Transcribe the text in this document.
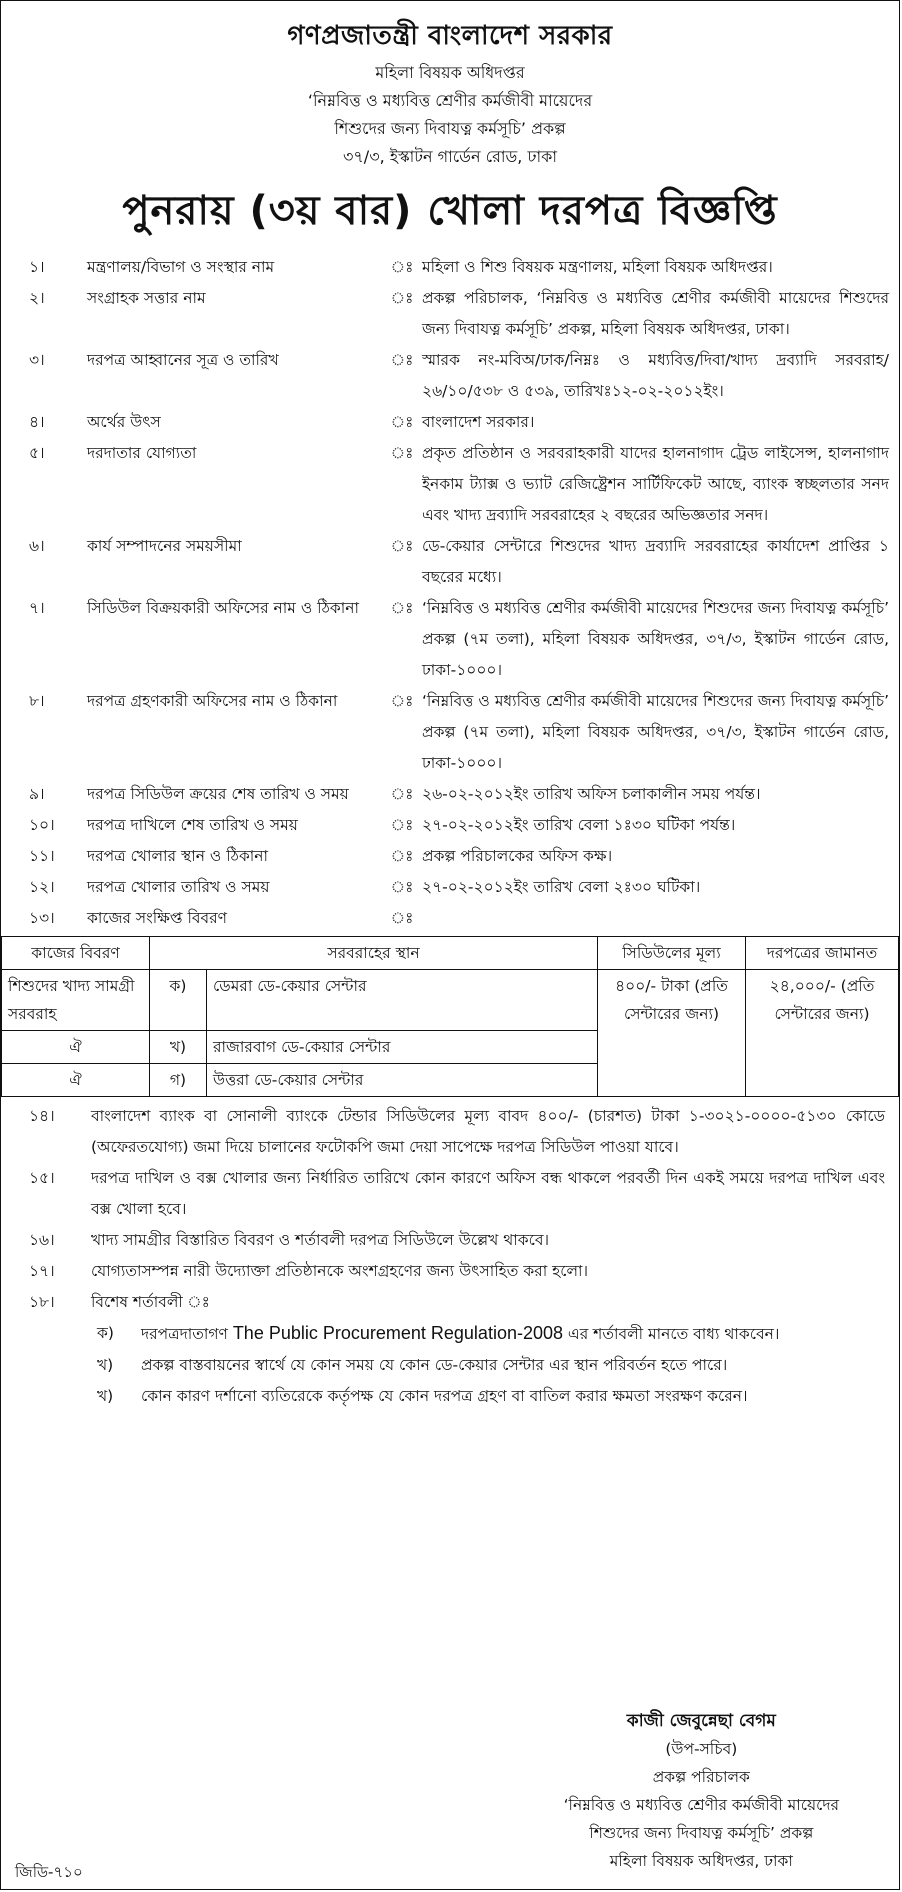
গণপ্রজাতন্ত্রী বাংলাদেশ সরকার
মহিলা বিষয়ক অধিদপ্তর
‘নিম্নবিত্ত ও মধ্যবিত্ত শ্রেণীর কর্মজীবী মায়েদের
শিশুদের জন্য দিবাযত্ন কর্মসূচি’ প্রকল্প
৩৭/৩, ইস্কাটন গার্ডেন রোড, ঢাকা
পুনরায় (৩য় বার) খোলা দরপত্র বিজ্ঞপ্তি
১।	মন্ত্রণালয়/বিভাগ ও সংস্থার নাম	ঃ মহিলা ও শিশু বিষয়ক মন্ত্রণালয়, মহিলা বিষয়ক অধিদপ্তর।
২।	সংগ্রাহক সত্তার নাম	ঃ প্রকল্প পরিচালক, ‘নিম্নবিত্ত ও মধ্যবিত্ত শ্রেণীর কর্মজীবী মায়েদের শিশুদের জন্য দিবাযত্ন কর্মসূচি’ প্রকল্প, মহিলা বিষয়ক অধিদপ্তর, ঢাকা।
৩।	দরপত্র আহ্বানের সূত্র ও তারিখ	ঃ স্মারক নং-মবিঅ/ঢাক/নিম্নঃ ও মধ্যবিত্ত/দিবা/খাদ্য দ্রব্যাদি সরবরাহ/২৬/১০/৫৩৮ ও ৫৩৯, তারিখঃ১২-০২-২০১২ইং।
৪।	অর্থের উৎস	ঃ বাংলাদেশ সরকার।
৫।	দরদাতার যোগ্যতা	ঃ প্রকৃত প্রতিষ্ঠান ও সরবরাহকারী যাদের হালনাগাদ ট্রেড লাইসেন্স, হালনাগাদ ইনকাম ট্যাক্স ও ভ্যাট রেজিষ্ট্রেশন সার্টিফিকেট আছে, ব্যাংক স্বচ্ছলতার সনদ এবং খাদ্য দ্রব্যাদি সরবরাহের ২ বছরের অভিজ্ঞতার সনদ।
৬।	কার্য সম্পাদনের সময়সীমা	ঃ ডে-কেয়ার সেন্টারে শিশুদের খাদ্য দ্রব্যাদি সরবরাহের কার্যাদেশ প্রাপ্তির ১ বছরের মধ্যে।
৭।	সিডিউল বিক্রয়কারী অফিসের নাম ও ঠিকানা	ঃ ‘নিম্নবিত্ত ও মধ্যবিত্ত শ্রেণীর কর্মজীবী মায়েদের শিশুদের জন্য দিবাযত্ন কর্মসূচি’ প্রকল্প (৭ম তলা), মহিলা বিষয়ক অধিদপ্তর, ৩৭/৩, ইস্কাটন গার্ডেন রোড, ঢাকা-১০০০।
৮।	দরপত্র গ্রহণকারী অফিসের নাম ও ঠিকানা	ঃ ‘নিম্নবিত্ত ও মধ্যবিত্ত শ্রেণীর কর্মজীবী মায়েদের শিশুদের জন্য দিবাযত্ন কর্মসূচি’ প্রকল্প (৭ম তলা), মহিলা বিষয়ক অধিদপ্তর, ৩৭/৩, ইস্কাটন গার্ডেন রোড, ঢাকা-১০০০।
৯।	দরপত্র সিডিউল ক্রয়ের শেষ তারিখ ও সময়	ঃ ২৬-০২-২০১২ইং তারিখ অফিস চলাকালীন সময় পর্যন্ত।
১০।	দরপত্র দাখিলে শেষ তারিখ ও সময়	ঃ ২৭-০২-২০১২ইং তারিখ বেলা ১ঃ৩০ ঘটিকা পর্যন্ত।
১১।	দরপত্র খোলার স্থান ও ঠিকানা	ঃ প্রকল্প পরিচালকের অফিস কক্ষ।
১২।	দরপত্র খোলার তারিখ ও সময়	ঃ ২৭-০২-২০১২ইং তারিখ বেলা ২ঃ৩০ ঘটিকা।
১৩।	কাজের সংক্ষিপ্ত বিবরণ	ঃ
কাজের বিবরণ	সরবরাহের স্থান		সিডিউলের মূল্য	দরপত্রের জামানত
শিশুদের খাদ্য সামগ্রী সরবরাহ	ক)	ডেমরা ডে-কেয়ার সেন্টার	৪০০/- টাকা (প্রতি সেন্টারের জন্য)	২৪,০০০/- (প্রতি সেন্টারের জন্য)
ঐ	খ)	রাজারবাগ ডে-কেয়ার সেন্টার		
ঐ	গ)	উত্তরা ডে-কেয়ার সেন্টার		
১৪।	বাংলাদেশ ব্যাংক বা সোনালী ব্যাংকে টেন্ডার সিডিউলের মূল্য বাবদ ৪০০/- (চারশত) টাকা ১-৩০২১-০০০০-৫১৩০ কোডে (অফেরতযোগ্য) জমা দিয়ে চালানের ফটোকপি জমা দেয়া সাপেক্ষে দরপত্র সিডিউল পাওয়া যাবে।
১৫।	দরপত্র দাখিল ও বক্স খোলার জন্য নির্ধারিত তারিখে কোন কারণে অফিস বন্ধ থাকলে পরবর্তী দিন একই সময়ে দরপত্র দাখিল এবং বক্স খোলা হবে।
১৬।	খাদ্য সামগ্রীর বিস্তারিত বিবরণ ও শর্তাবলী দরপত্র সিডিউলে উল্লেখ থাকবে।
১৭।	যোগ্যতাসম্পন্ন নারী উদ্যোক্তা প্রতিষ্ঠানকে অংশগ্রহণের জন্য উৎসাহিত করা হলো।
১৮।	বিশেষ শর্তাবলী ঃ
ক)	দরপত্রদাতাগণ The Public Procurement Regulation-2008 এর শর্তাবলী মানতে বাধ্য থাকবেন।
খ)	প্রকল্প বাস্তবায়নের স্বার্থে যে কোন সময় যে কোন ডে-কেয়ার সেন্টার এর স্থান পরিবর্তন হতে পারে।
খ)	কোন কারণ দর্শানো ব্যতিরেকে কর্তৃপক্ষ যে কোন দরপত্র গ্রহণ বা বাতিল করার ক্ষমতা সংরক্ষণ করেন।
কাজী জেবুন্নেছা বেগম
(উপ-সচিব)
প্রকল্প পরিচালক
‘নিম্নবিত্ত ও মধ্যবিত্ত শ্রেণীর কর্মজীবী মায়েদের
শিশুদের জন্য দিবাযত্ন কর্মসূচি’ প্রকল্প
মহিলা বিষয়ক অধিদপ্তর, ঢাকা
জিডি-৭১০
